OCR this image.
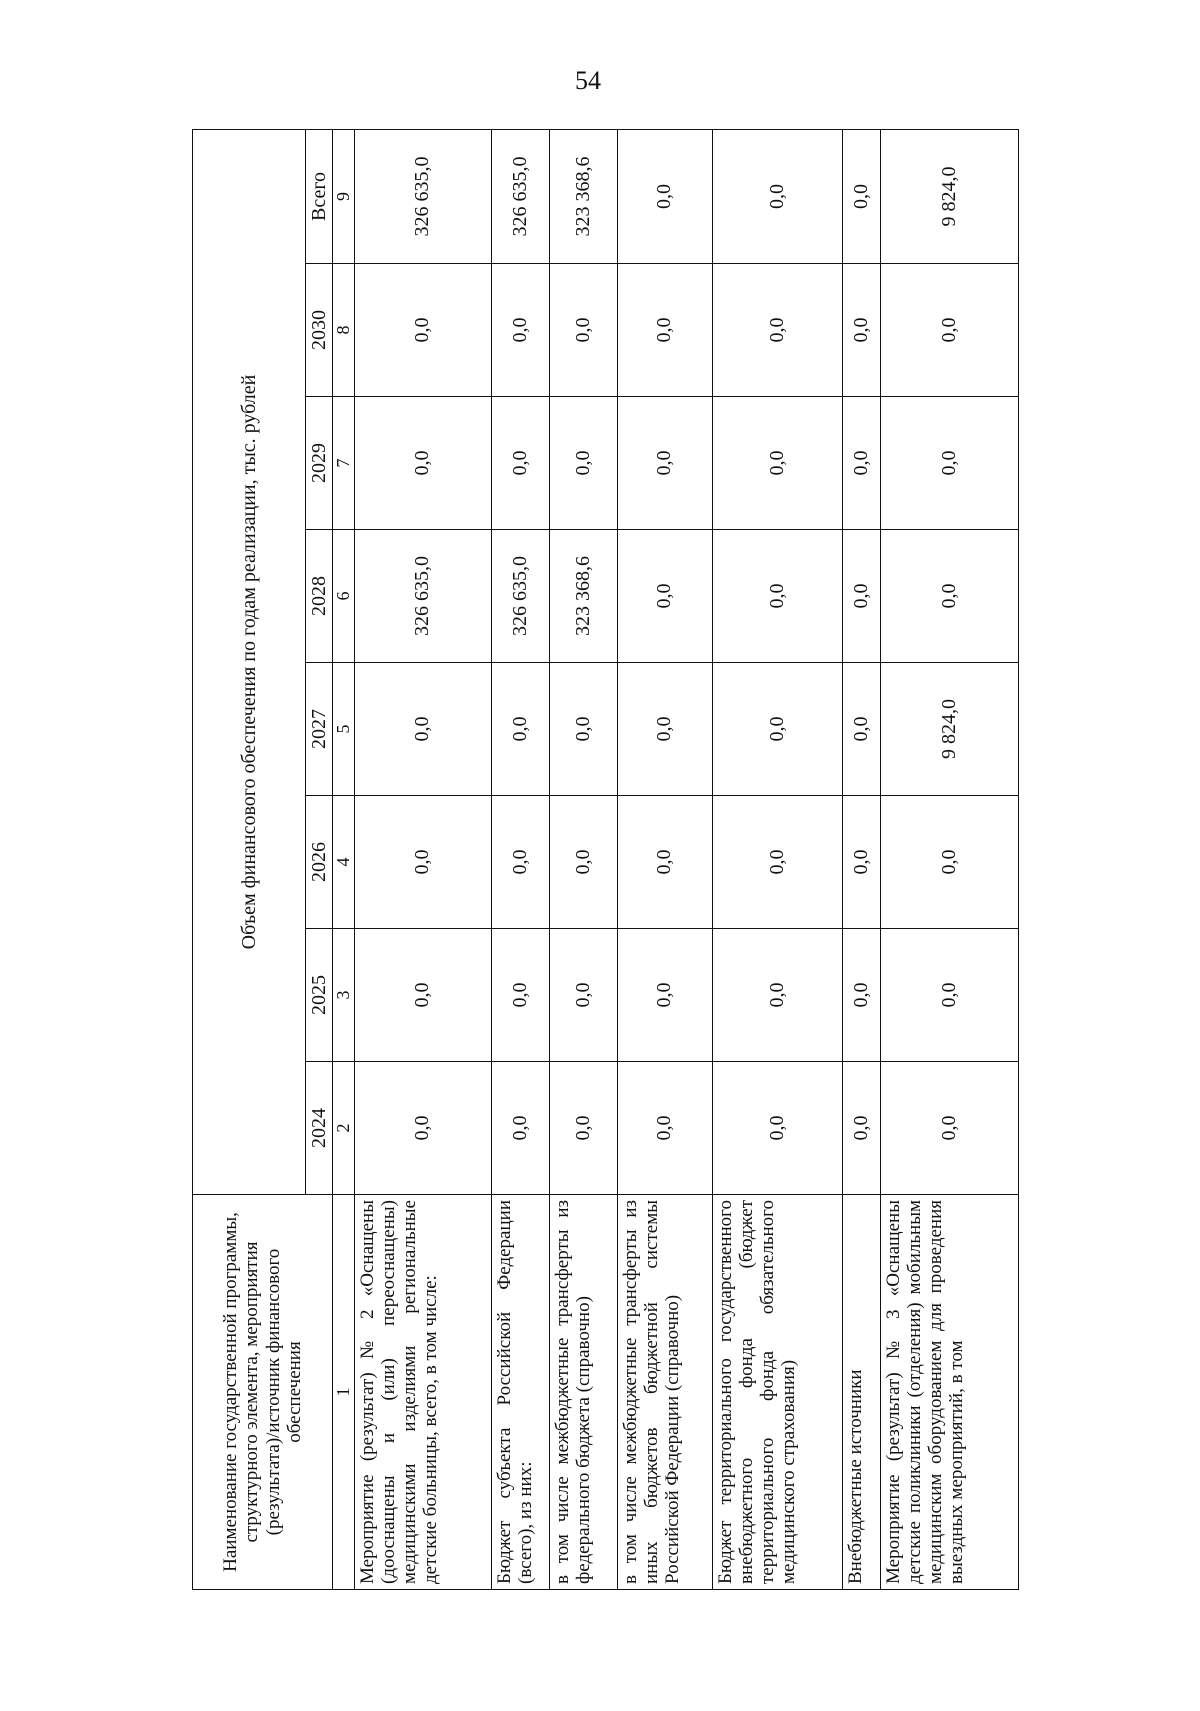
54
Наименование государственной программы, структурного элемента, мероприятия (результата)/источник финансового обеспечения	Объем финансового обеспечения по годам реализации, тыс. рублей							
	2024	2025	2026	2027	2028	2029	2030	Всего
1	2	3	4	5	6	7	8	9
Мероприятие (результат) № 2 «Оснащены (дооснащены и (или) переоснащены) медицинскими изделиями региональные детские больницы, всего, в том числе:	0,0	0,0	0,0	0,0	326 635,0	0,0	0,0	326 635,0
Бюджет субъекта Российской Федерации (всего), из них:	0,0	0,0	0,0	0,0	326 635,0	0,0	0,0	326 635,0
в том числе межбюджетные трансферты из федерального бюджета (справочно)	0,0	0,0	0,0	0,0	323 368,6	0,0	0,0	323 368,6
в том числе межбюджетные трансферты из иных бюджетов бюджетной системы Российской Федерации (справочно)	0,0	0,0	0,0	0,0	0,0	0,0	0,0	0,0
Бюджет территориального государственного внебюджетного фонда (бюджет территориального фонда обязательного медицинского страхования)	0,0	0,0	0,0	0,0	0,0	0,0	0,0	0,0
Внебюджетные источники	0,0	0,0	0,0	0,0	0,0	0,0	0,0	0,0
Мероприятие (результат) № 3 «Оснащены детские поликлиники (отделения) мобильным медицинским оборудованием для проведения выездных мероприятий, в том	0,0	0,0	0,0	9 824,0	0,0	0,0	0,0	9 824,0
